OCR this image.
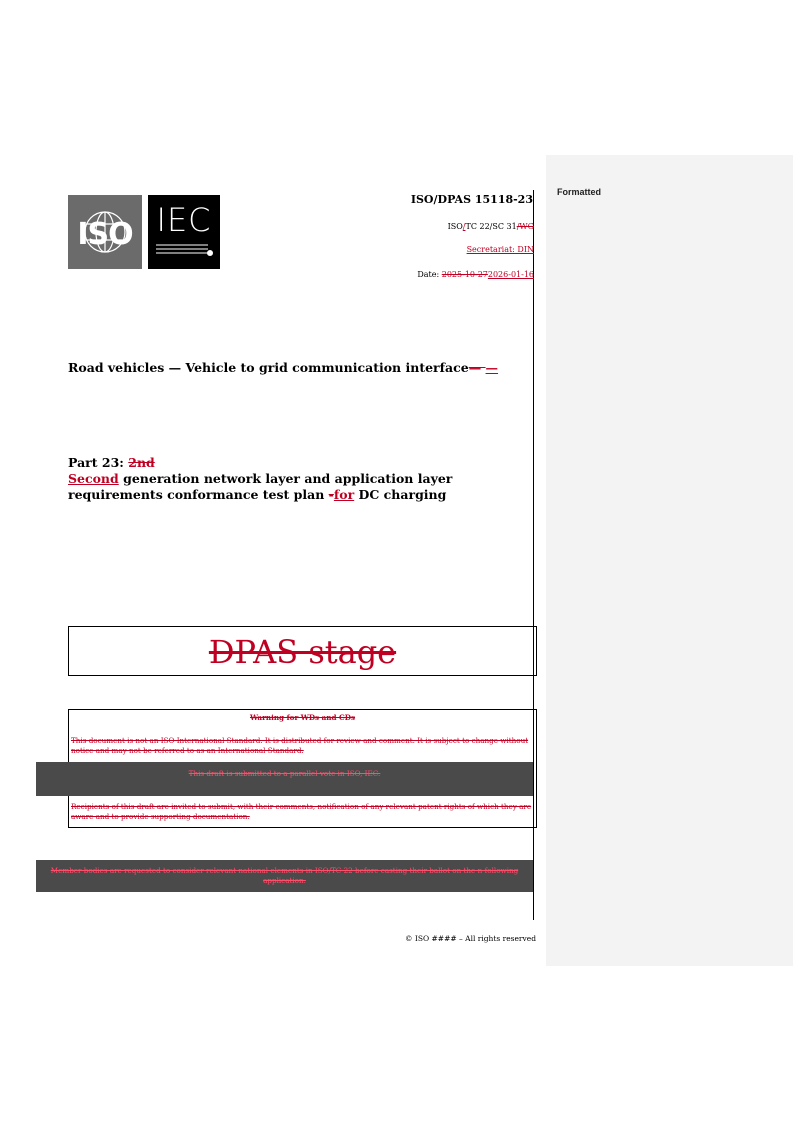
Formatted
ISO IEC
ISO/DPAS 15118-23
ISO/TC 22/SC 31/WG
Secretariat: DIN
Date: 2025-10-272026-01-16
Road vehicles — Vehicle to grid communication interface— —
Part 23: 2nd
Second generation network layer and application layer requirements conformance test plan -for DC charging
DPAS stage
Warning for WDs and CDs
This document is not an ISO International Standard. It is distributed for review and comment. It is subject to change without notice and may not be referred to as an International Standard.
Recipients of this draft are invited to submit, with their comments, notification of any relevant patent rights of which they are aware and to provide supporting documentation.
This draft is submitted to a parallel vote in ISO, IEC.
Member bodies are requested to consider relevant national elements in ISO/TC 22 before casting their ballot on the n-following application.
© ISO #### – All rights reserved
